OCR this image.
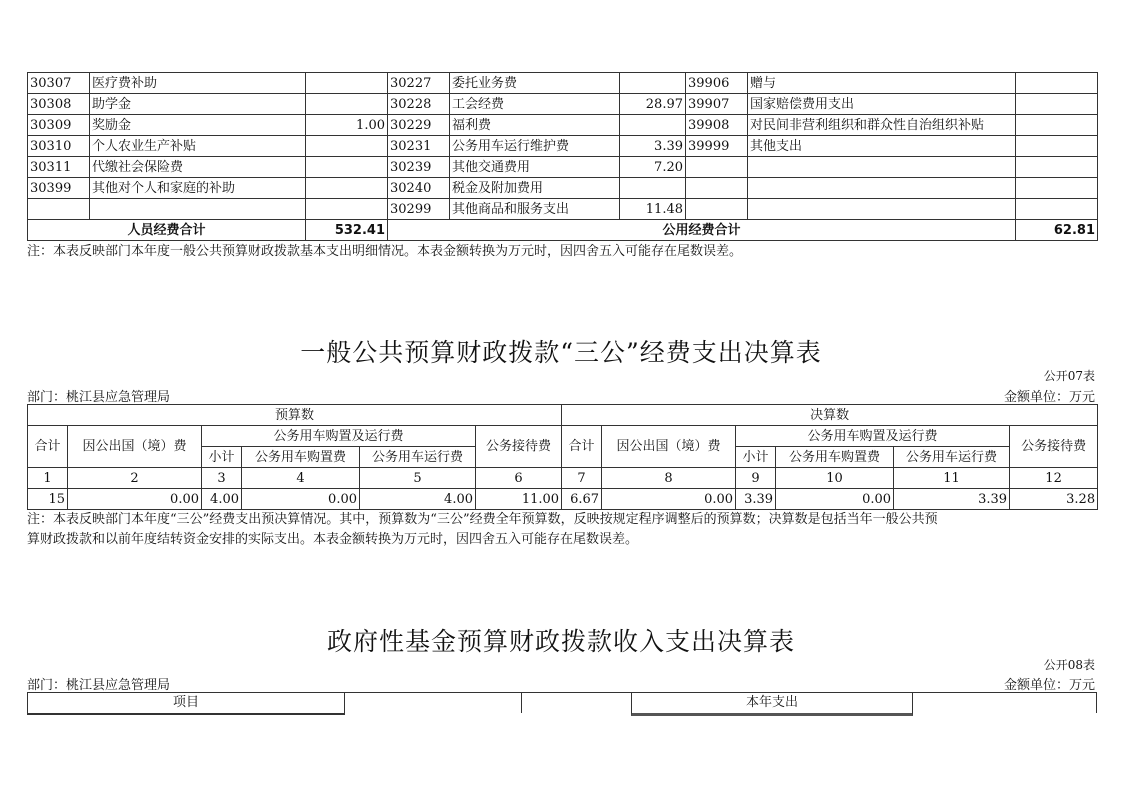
30307	医疗费补助		30227	委托业务费		39906	赠与	
30308	助学金		30228	工会经费	28.97	39907	国家赔偿费用支出	
30309	奖励金	1.00	30229	福利费		39908	对民间非营利组织和群众性自治组织补贴	
30310	个人农业生产补贴		30231	公务用车运行维护费	3.39	39999	其他支出	
30311	代缴社会保险费		30239	其他交通费用	7.20			
30399	其他对个人和家庭的补助		30240	税金及附加费用				
			30299	其他商品和服务支出	11.48			
人员经费合计		532.41	公用经费合计					62.81
注：本表反映部门本年度一般公共预算财政拨款基本支出明细情况。本表金额转换为万元时，因四舍五入可能存在尾数误差。
一般公共预算财政拨款“三公”经费支出决算表
公开07表
部门：桃江县应急管理局	金额单位：万元
预算数						决算数					
合计	因公出国（境）费	公务用车购置及运行费			公务接待费	合计	因公出国（境）费	公务用车购置及运行费			公务接待费
		小计	公务用车购置费	公务用车运行费				小计	公务用车购置费	公务用车运行费	
1	2	3	4	5	6	7	8	9	10	11	12
15	0.00	4.00	0.00	4.00	11.00	6.67	0.00	3.39	0.00	3.39	3.28
注：本表反映部门本年度“三公”经费支出预决算情况。其中，预算数为“三公”经费全年预算数，反映按规定程序调整后的预算数；决算数是包括当年一般公共预
算财政拨款和以前年度结转资金安排的实际支出。本表金额转换为万元时，因四舍五入可能存在尾数误差。
政府性基金预算财政拨款收入支出决算表
公开08表
部门：桃江县应急管理局	金额单位：万元
项目	本年支出
